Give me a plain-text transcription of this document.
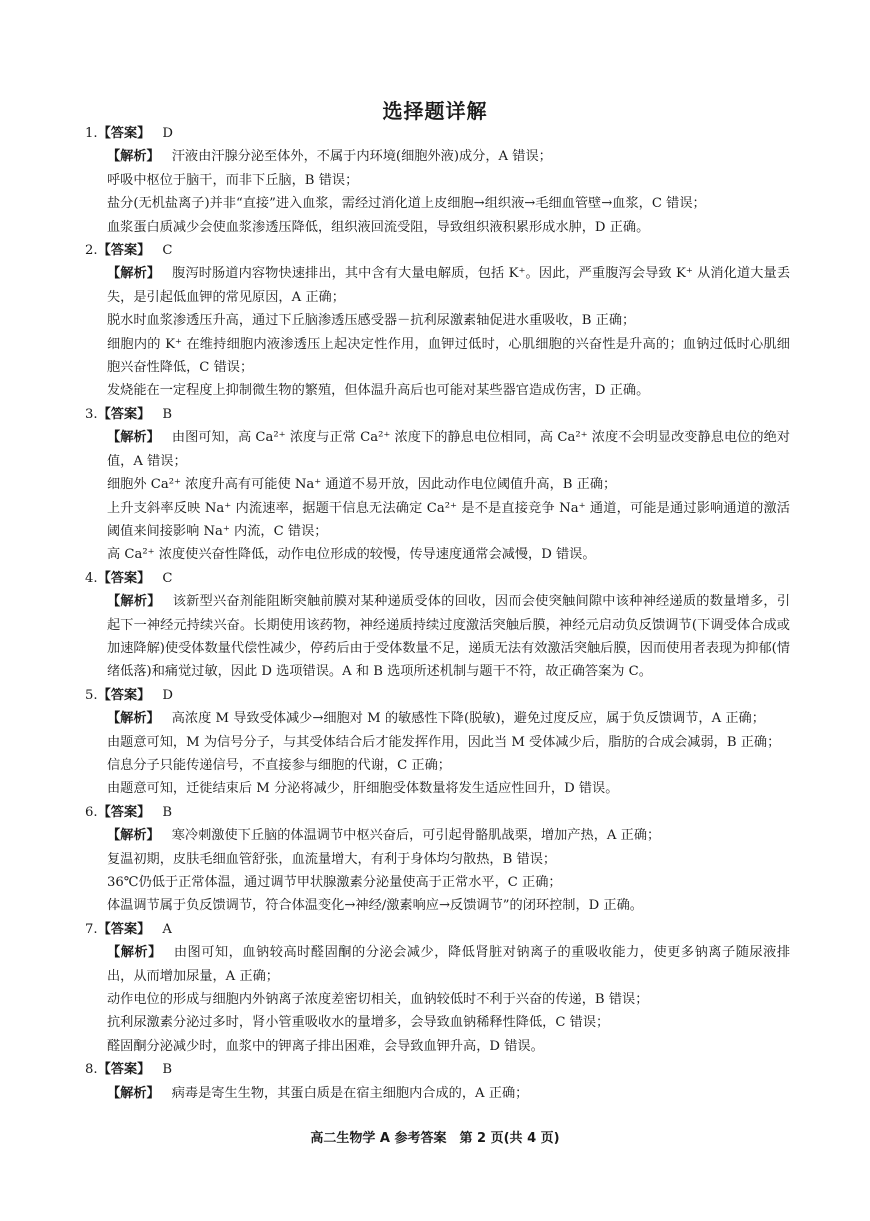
选择题详解
1.【答案】 D
【解析】 汗液由汗腺分泌至体外，不属于内环境(细胞外液)成分，A 错误；
呼吸中枢位于脑干，而非下丘脑，B 错误；
盐分(无机盐离子)并非“直接”进入血浆，需经过消化道上皮细胞→组织液→毛细血管壁→血浆，C 错误；
血浆蛋白质减少会使血浆渗透压降低，组织液回流受阻，导致组织液积累形成水肿，D 正确。
2.【答案】 C
【解析】 腹泻时肠道内容物快速排出，其中含有大量电解质，包括 K⁺。因此，严重腹泻会导致 K⁺ 从消化道大量丢失，是引起低血钾的常见原因，A 正确；
脱水时血浆渗透压升高，通过下丘脑渗透压感受器－抗利尿激素轴促进水重吸收，B 正确；
细胞内的 K⁺ 在维持细胞内液渗透压上起决定性作用，血钾过低时，心肌细胞的兴奋性是升高的；血钠过低时心肌细胞兴奋性降低，C 错误；
发烧能在一定程度上抑制微生物的繁殖，但体温升高后也可能对某些器官造成伤害，D 正确。
3.【答案】 B
【解析】 由图可知，高 Ca²⁺ 浓度与正常 Ca²⁺ 浓度下的静息电位相同，高 Ca²⁺ 浓度不会明显改变静息电位的绝对值，A 错误；
细胞外 Ca²⁺ 浓度升高有可能使 Na⁺ 通道不易开放，因此动作电位阈值升高，B 正确；
上升支斜率反映 Na⁺ 内流速率，据题干信息无法确定 Ca²⁺ 是不是直接竞争 Na⁺ 通道，可能是通过影响通道的激活阈值来间接影响 Na⁺ 内流，C 错误；
高 Ca²⁺ 浓度使兴奋性降低，动作电位形成的较慢，传导速度通常会减慢，D 错误。
4.【答案】 C
【解析】 该新型兴奋剂能阻断突触前膜对某种递质受体的回收，因而会使突触间隙中该种神经递质的数量增多，引起下一神经元持续兴奋。长期使用该药物，神经递质持续过度激活突触后膜，神经元启动负反馈调节(下调受体合成或加速降解)使受体数量代偿性减少，停药后由于受体数量不足，递质无法有效激活突触后膜，因而使用者表现为抑郁(情绪低落)和痛觉过敏，因此 D 选项错误。A 和 B 选项所述机制与题干不符，故正确答案为 C。
5.【答案】 D
【解析】 高浓度 M 导致受体减少→细胞对 M 的敏感性下降(脱敏)，避免过度反应，属于负反馈调节，A 正确；
由题意可知，M 为信号分子，与其受体结合后才能发挥作用，因此当 M 受体减少后，脂肪的合成会减弱，B 正确；
信息分子只能传递信号，不直接参与细胞的代谢，C 正确；
由题意可知，迁徙结束后 M 分泌将减少，肝细胞受体数量将发生适应性回升，D 错误。
6.【答案】 B
【解析】 寒冷刺激使下丘脑的体温调节中枢兴奋后，可引起骨骼肌战栗，增加产热，A 正确；
复温初期，皮肤毛细血管舒张，血流量增大，有利于身体均匀散热，B 错误；
36℃仍低于正常体温，通过调节甲状腺激素分泌量使高于正常水平，C 正确；
体温调节属于负反馈调节，符合体温变化→神经/激素响应→反馈调节”的闭环控制，D 正确。
7.【答案】 A
【解析】 由图可知，血钠较高时醛固酮的分泌会减少，降低肾脏对钠离子的重吸收能力，使更多钠离子随尿液排出，从而增加尿量，A 正确；
动作电位的形成与细胞内外钠离子浓度差密切相关，血钠较低时不利于兴奋的传递，B 错误；
抗利尿激素分泌过多时，肾小管重吸收水的量增多，会导致血钠稀释性降低，C 错误；
醛固酮分泌减少时，血浆中的钾离子排出困难，会导致血钾升高，D 错误。
8.【答案】 B
【解析】 病毒是寄生生物，其蛋白质是在宿主细胞内合成的，A 正确；
高二生物学 A 参考答案　第 2 页(共 4 页)
